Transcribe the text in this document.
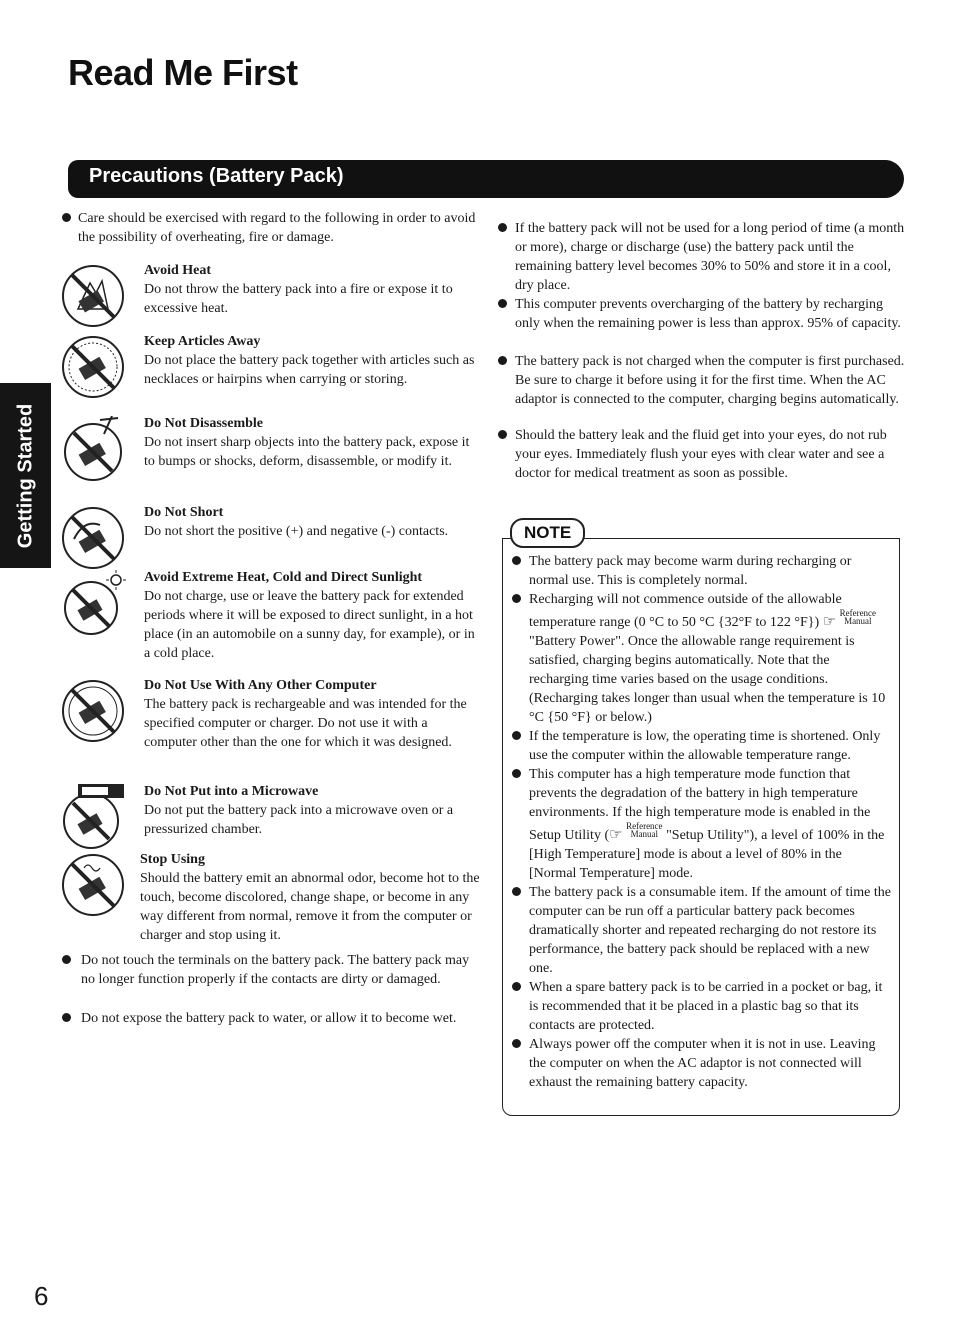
Read Me First
Precautions (Battery Pack)
Getting Started
Care should be exercised with regard to the following in order to avoid the possibility of overheating, fire or damage.
Avoid Heat
Do not throw the battery pack into a fire or expose it to excessive heat.
Keep Articles Away
Do not place the battery pack together with articles such as necklaces or hairpins when carrying or storing.
Do Not Disassemble
Do not insert sharp objects into the battery pack, expose it to bumps or shocks, deform, disassemble, or modify it.
Do Not Short
Do not short the positive (+) and negative (-) contacts.
Avoid Extreme Heat, Cold and Direct Sunlight
Do not charge, use or leave the battery pack for extended periods where it will be exposed to direct sunlight, in a hot place (in an automobile on a sunny day, for example), or in a cold place.
Do Not Use With Any Other Computer
The battery pack is rechargeable and was intended for the specified computer or charger. Do not use it with a computer other than the one for which it was designed.
Do Not Put into a Microwave
Do not put the battery pack into a microwave oven or a pressurized chamber.
Stop Using
Should the battery emit an abnormal odor, become hot to the touch, become discolored, change shape, or become in any way different from normal, remove it from the computer or charger and stop using it.
Do not touch the terminals on the battery pack. The battery pack may no longer function properly if the contacts are dirty or damaged.
Do not expose the battery pack to water, or allow it to become wet.
If the battery pack will not be used for a long period of time (a month or more), charge or discharge (use) the battery pack until the remaining battery level becomes 30% to 50% and store it in a cool, dry place.
This computer prevents overcharging of the battery by recharging only when the remaining power is less than approx. 95% of capacity.
The battery pack is not charged when the computer is first purchased. Be sure to charge it before using it for the first time. When the AC adaptor is connected to the computer, charging begins automatically.
Should the battery leak and the fluid get into your eyes, do not rub your eyes. Immediately flush your eyes with clear water and see a doctor for medical treatment as soon as possible.
NOTE
The battery pack may become warm during recharging or normal use. This is completely normal.
Recharging will not commence outside of the allowable temperature range (0 °C to 50 °C {32°F to 122 °F}) ☞ Reference
Manual "Battery Power". Once the allowable range requirement is satisfied, charging begins automatically. Note that the recharging time varies based on the usage conditions. (Recharging takes longer than usual when the temperature is 10 °C {50 °F} or below.)
If the temperature is low, the operating time is shortened. Only use the computer within the allowable temperature range.
This computer has a high temperature mode function that prevents the degradation of the battery in high temperature environments. If the high temperature mode is enabled in the Setup Utility (☞ Reference
Manual "Setup Utility"), a level of 100% in the [High Temperature] mode is about a level of 80% in the [Normal Temperature] mode.
The battery pack is a consumable item. If the amount of time the computer can be run off a particular battery pack becomes dramatically shorter and repeated recharging do not restore its performance, the battery pack should be replaced with a new one.
When a spare battery pack is to be carried in a pocket or bag, it is recommended that it be placed in a plastic bag so that its contacts are protected.
Always power off the computer when it is not in use. Leaving the computer on when the AC adaptor is not connected will exhaust the remaining battery capacity.
6
